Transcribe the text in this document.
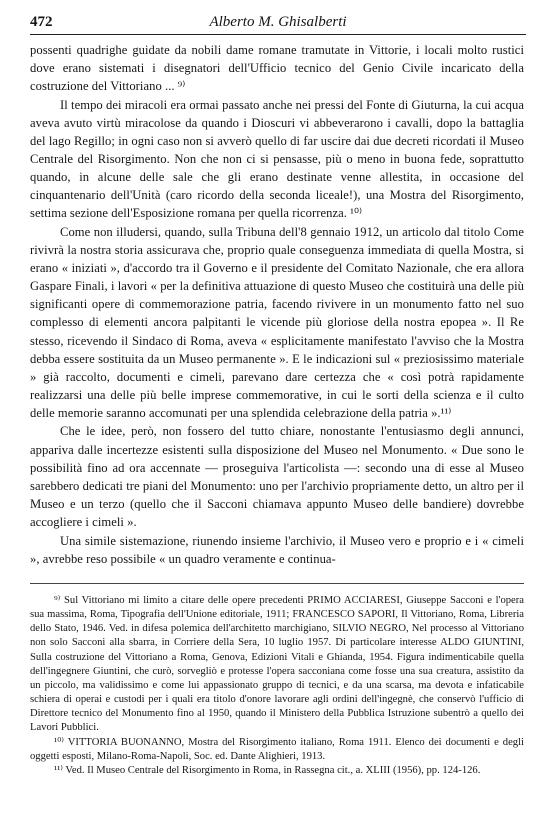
472	Alberto M. Ghisalberti

possenti quadrighe guidate da nobili dame romane tramutate in Vittorie, i locali molto rustici dove erano sistemati i disegnatori dell'Ufficio tecnico del Genio Civile incaricato della costruzione del Vittoriano ... ⁹⁾

Il tempo dei miracoli era ormai passato anche nei pressi del Fonte di Giuturna, la cui acqua aveva avuto virtù miracolose da quando i Dioscuri vi abbeverarono i cavalli, dopo la battaglia del lago Regillo; in ogni caso non si avverò quello di far uscire dai due decreti ricordati il Museo Centrale del Risorgimento. Non che non ci si pensasse, più o meno in buona fede, soprattutto quando, in alcune delle sale che gli erano destinate venne allestita, in occasione del cinquantenario dell'Unità (caro ricordo della seconda liceale!), una Mostra del Risorgimento, settima sezione dell'Esposizione romana per quella ricorrenza. ¹⁰⁾

Come non illudersi, quando, sulla Tribuna dell'8 gennaio 1912, un articolo dal titolo Come rivivrà la nostra storia assicurava che, proprio quale conseguenza immediata di quella Mostra, si erano « iniziati », d'accordo tra il Governo e il presidente del Comitato Nazionale, che era allora Gaspare Finali, i lavori « per la definitiva attuazione di questo Museo che costituirà una delle più significanti opere di commemorazione patria, facendo rivivere in un monumento fatto nel suo complesso di elementi ancora palpitanti le vicende più gloriose della nostra epopea ». Il Re stesso, ricevendo il Sindaco di Roma, aveva « esplicitamente manifestato l'avviso che la Mostra debba essere sostituita da un Museo permanente ». E le indicazioni sul « preziosissimo materiale » già raccolto, documenti e cimeli, parevano dare certezza che « così potrà rapidamente realizzarsi una delle più belle imprese commemorative, in cui le sorti della scienza e il culto delle memorie saranno accomunati per una splendida celebrazione della patria ».¹¹⁾

Che le idee, però, non fossero del tutto chiare, nonostante l'entusiasmo degli annunci, appariva dalle incertezze esistenti sulla disposizione del Museo nel Monumento. « Due sono le possibilità fino ad ora accennate — proseguiva l'articolista —: secondo una di esse al Museo sarebbero dedicati tre piani del Monumento: uno per l'archivio propriamente detto, un altro per il Museo e un terzo (quello che il Sacconi chiamava appunto Museo delle bandiere) dovrebbe accogliere i cimeli ».

Una simile sistemazione, riunendo insieme l'archivio, il Museo vero e proprio e i « cimeli », avrebbe reso possibile « un quadro veramente e continua-

⁹⁾ Sul Vittoriano mi limito a citare delle opere precedenti PRIMO ACCIARESI, Giuseppe Sacconi e l'opera sua massima, Roma, Tipografia dell'Unione editoriale, 1911; FRANCESCO SAPORI, Il Vittoriano, Roma, Libreria dello Stato, 1946. Ved. in difesa polemica dell'architetto marchigiano, SILVIO NEGRO, Nel processo al Vittoriano non solo Sacconi alla sbarra, in Corriere della Sera, 10 luglio 1957. Di particolare interesse ALDO GIUNTINI, Sulla costruzione del Vittoriano a Roma, Genova, Edizioni Vitali e Ghianda, 1954. Figura indimenticabile quella dell'ingegnere Giuntini, che curò, sorvegliò e protesse l'opera sacconiana come fosse una sua creatura, assistito da un piccolo, ma validissimo e come lui appassionato gruppo di tecnici, e da una scarsa, ma devota e infaticabile schiera di operai e custodi per i quali era titolo d'onore lavorare agli ordini dell'ingegnè, che conservò l'ufficio di Direttore tecnico del Monumento fino al 1950, quando il Ministero della Pubblica Istruzione subentrò a quello dei Lavori Pubblici.

¹⁰⁾ VITTORIA BUONANNO, Mostra del Risorgimento italiano, Roma 1911. Elenco dei documenti e degli oggetti esposti, Milano-Roma-Napoli, Soc. ed. Dante Alighieri, 1913.

¹¹⁾ Ved. Il Museo Centrale del Risorgimento in Roma, in Rassegna cit., a. XLIII (1956), pp. 124-126.
